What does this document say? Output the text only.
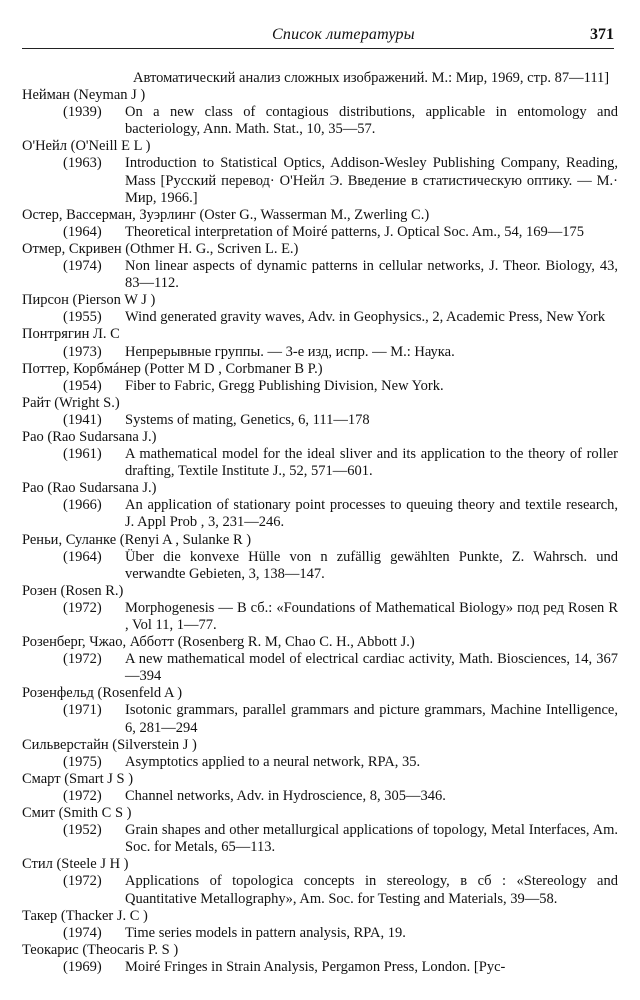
Список литературы	371
Автоматический анализ сложных изображений. М.: Мир, 1969, стр. 87—111]
Нейман (Neyman J )
(1939) On a new class of contagious distributions, applicable in entomology and bacteriology, Ann. Math. Stat., 10, 35—57.
О'Нейл (O'Neill E L )
(1963) Introduction to Statistical Optics, Addison-Wesley Publishing Company, Reading, Mass [Русский перевод· О'Нейл Э. Введение в статистическую оптику. — М.· Мир, 1966.]
Остер, Вассерман, Зуэрлинг (Oster G., Wasserman M., Zwerling C.)
(1964) Theoretical interpretation of Moiré patterns, J. Optical Soc. Am., 54, 169—175
Отмер, Скривен (Othmer H. G., Scriven L. E.)
(1974) Non linear aspects of dynamic patterns in cellular networks, J. Theor. Biology, 43, 83—112.
Пирсон (Pierson W J )
(1955) Wind generated gravity waves, Adv. in Geophysics., 2, Academic Press, New York
Понтрягин Л. С
(1973) Непрерывные группы. — 3-е изд, испр. — М.: Наука.
Поттер, Корбмáнер (Potter M D , Corbmaner B P.)
(1954) Fiber to Fabric, Gregg Publishing Division, New York.
Райт (Wright S.)
(1941) Systems of mating, Genetics, 6, 111—178
Рао (Rao Sudarsana J.)
(1961) A mathematical model for the ideal sliver and its application to the theory of roller drafting, Textile Institute J., 52, 571—601.
Рао (Rao Sudarsana J.)
(1966) An application of stationary point processes to queuing theory and textile research, J. Appl Prob , 3, 231—246.
Реньи, Суланке (Renyi A , Sulanke R )
(1964) Über die konvexe Hülle von n zufällig gewählten Punkte, Z. Wahrsch. und verwandte Gebieten, 3, 138—147.
Розен (Rosen R.)
(1972) Morphogenesis — В сб.: «Foundations of Mathematical Biology» под ред Rosen R , Vol 11, 1—77.
Розенберг, Чжао, Аббoтт (Rosenberg R. M, Chao C. H., Abbott J.)
(1972) A new mathematical model of electrical cardiac activity, Math. Biosciences, 14, 367—394
Розенфельд (Rosenfeld A )
(1971) Isotonic grammars, parallel grammars and picture grammars, Machine Intelligence, 6, 281—294
Сильверстайн (Silverstein J )
(1975) Asymptotics applied to a neural network, RPA, 35.
Смарт (Smart J S )
(1972) Channel networks, Adv. in Hydroscience, 8, 305—346.
Смит (Smith C S )
(1952) Grain shapes and other metallurgical applications of topology, Metal Interfaces, Am. Soc. for Metals, 65—113.
Стил (Steele J H )
(1972) Applications of topologica concepts in stereology, в сб : «Stereology and Quantitative Metallography», Am. Soc. for Testing and Materials, 39—58.
Такер (Thacker J. C )
(1974) Time series models in pattern analysis, RPA, 19.
Теокарис (Theocaris P. S )
(1969) Moiré Fringes in Strain Analysis, Pergamon Press, London. [Рус-
